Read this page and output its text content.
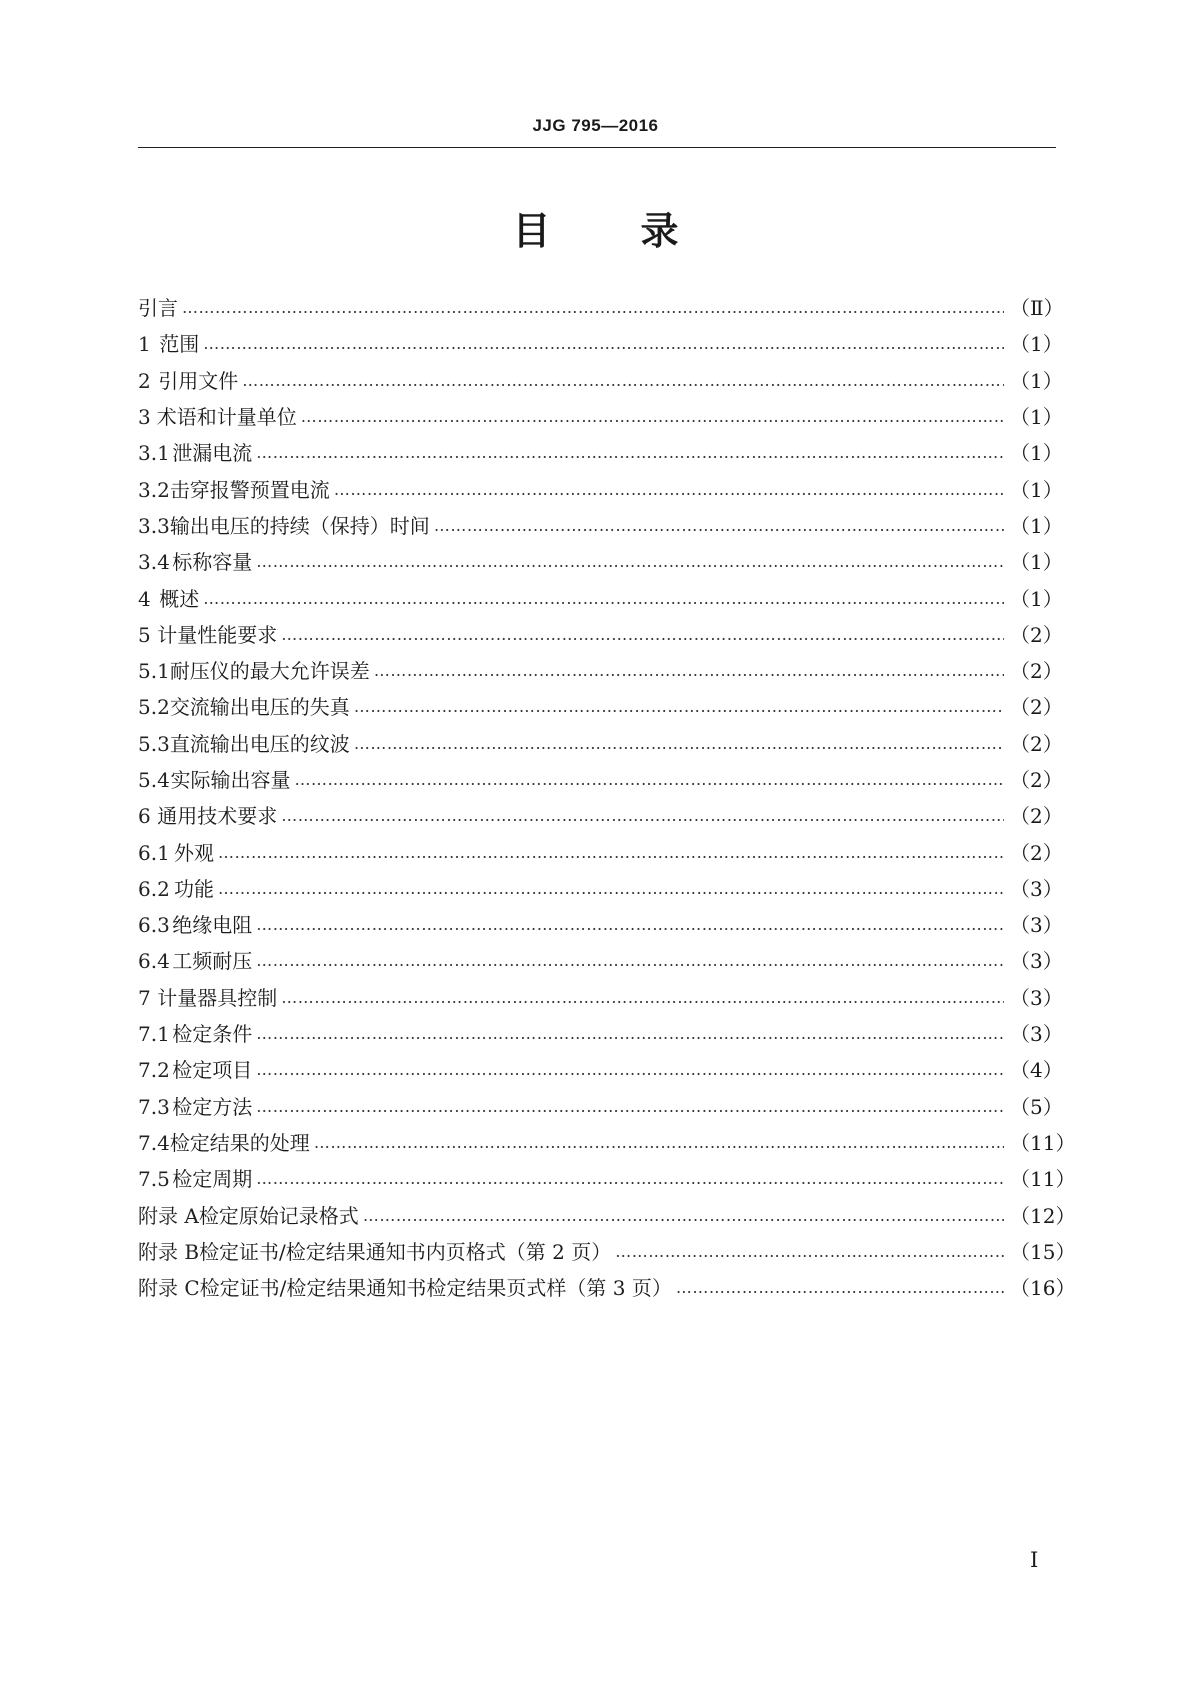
JJG 795—2016
目 录
引言 …………………………………………………………………………………………………………………………………………………………………………………………………………………………	（Ⅱ）
1 范围 …………………………………………………………………………………………………………………………………………………………………………………………………………………………	（1）
2 引用文件 …………………………………………………………………………………………………………………………………………………………………………………………………………………………	（1）
3 术语和计量单位 …………………………………………………………………………………………………………………………………………………………………………………………………………………………	（1）
3.1 泄漏电流 …………………………………………………………………………………………………………………………………………………………………………………………………………………………	（1）
3.2 击穿报警预置电流 …………………………………………………………………………………………………………………………………………………………………………………………………………………………	（1）
3.3 输出电压的持续（保持）时间 …………………………………………………………………………………………………………………………………………………………………………………………………………………………	（1）
3.4 标称容量 …………………………………………………………………………………………………………………………………………………………………………………………………………………………	（1）
4 概述 …………………………………………………………………………………………………………………………………………………………………………………………………………………………	（1）
5 计量性能要求 …………………………………………………………………………………………………………………………………………………………………………………………………………………………	（2）
5.1 耐压仪的最大允许误差 …………………………………………………………………………………………………………………………………………………………………………………………………………………………	（2）
5.2 交流输出电压的失真 …………………………………………………………………………………………………………………………………………………………………………………………………………………………	（2）
5.3 直流输出电压的纹波 …………………………………………………………………………………………………………………………………………………………………………………………………………………………	（2）
5.4 实际输出容量 …………………………………………………………………………………………………………………………………………………………………………………………………………………………	（2）
6 通用技术要求 …………………………………………………………………………………………………………………………………………………………………………………………………………………………	（2）
6.1 外观 …………………………………………………………………………………………………………………………………………………………………………………………………………………………	（2）
6.2 功能 …………………………………………………………………………………………………………………………………………………………………………………………………………………………	（3）
6.3 绝缘电阻 …………………………………………………………………………………………………………………………………………………………………………………………………………………………	（3）
6.4 工频耐压 …………………………………………………………………………………………………………………………………………………………………………………………………………………………	（3）
7 计量器具控制 …………………………………………………………………………………………………………………………………………………………………………………………………………………………	（3）
7.1 检定条件 …………………………………………………………………………………………………………………………………………………………………………………………………………………………	（3）
7.2 检定项目 …………………………………………………………………………………………………………………………………………………………………………………………………………………………	（4）
7.3 检定方法 …………………………………………………………………………………………………………………………………………………………………………………………………………………………	（5）
7.4 检定结果的处理 …………………………………………………………………………………………………………………………………………………………………………………………………………………………	（11）
7.5 检定周期 …………………………………………………………………………………………………………………………………………………………………………………………………………………………	（11）
附录 A 检定原始记录格式 …………………………………………………………………………………………………………………………………………………………………………………………………………………………	（12）
附录 B 检定证书/检定结果通知书内页格式（第 2 页） …………………………………………………………………………………………………………………………………………………………………………………………………………………………	（15）
附录 C 检定证书/检定结果通知书检定结果页式样（第 3 页） …………………………………………………………………………………………………………………………………………………………………………………………………………………………	（16）
Ⅰ
